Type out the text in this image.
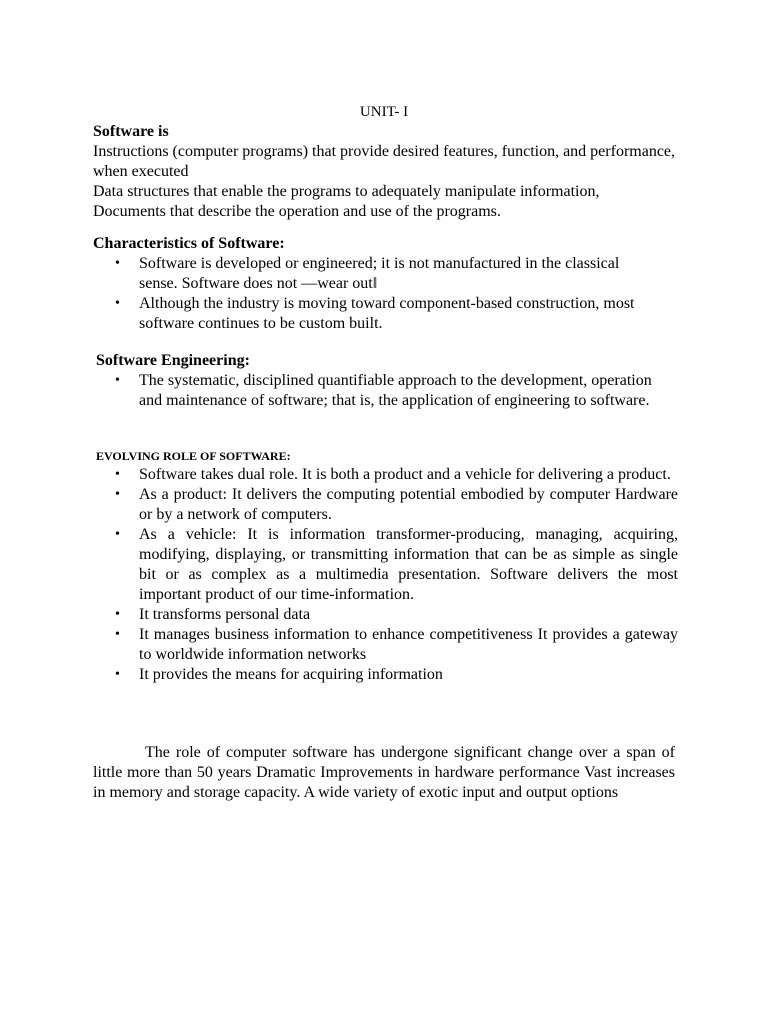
UNIT- I

Software is

Instructions (computer programs) that provide desired features, function, and performance, when executed

Data structures that enable the programs to adequately manipulate information,

Documents that describe the operation and use of the programs.

Characteristics of Software:

• Software is developed or engineered; it is not manufactured in the classical sense. Software does not —wear out‖
• Although the industry is moving toward component-based construction, most software continues to be custom built.

Software Engineering:

• The systematic, disciplined quantifiable approach to the development, operation and maintenance of software; that is, the application of engineering to software.

EVOLVING ROLE OF SOFTWARE:

• Software takes dual role. It is both a product and a vehicle for delivering a product.
• As a product: It delivers the computing potential embodied by computer Hardware or by a network of computers.
• As a vehicle: It is information transformer-producing, managing, acquiring, modifying, displaying, or transmitting information that can be as simple as single bit or as complex as a multimedia presentation. Software delivers the most important product of our time-information.
• It transforms personal data
• It manages business information to enhance competitiveness It provides a gateway to worldwide information networks
• It provides the means for acquiring information

The role of computer software has undergone significant change over a span of little more than 50 years Dramatic Improvements in hardware performance Vast increases in memory and storage capacity. A wide variety of exotic input and output options
